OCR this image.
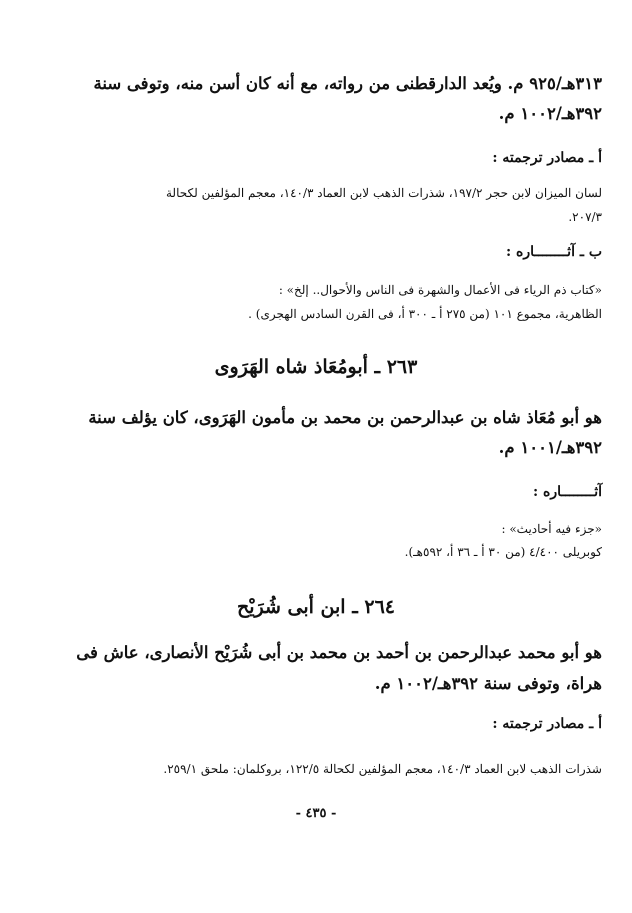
٣١٣هـ/٩٢٥ م. ويُعد الدارقطنى من رواته، مع أنه كان أسن منه، وتوفى سنة
٣٩٢هـ/١٠٠٢ م.
أ ـ مصادر ترجمته :
لسان الميزان لابن حجر ١٩٧/٢، شذرات الذهب لابن العماد ١٤٠/٣، معجم المؤلفين لكحالة
٢٠٧/٣.
ب ـ آثــــــــاره :
«كتاب ذم الرياء فى الأعمال والشهرة فى الناس والأحوال.. إلخ» :
الظاهرية، مجموع ١٠١ (من ٢٧٥ أ ـ ٣٠٠ أ، فى القرن السادس الهجرى) .
٢٦٣ ـ أبومُعَاذ شاه الهَرَوى
هو أبو مُعَاذ شاه بن عبدالرحمن بن محمد بن مأمون الهَرَوى، كان يؤلف سنة
٣٩٢هـ/١٠٠١ م.
آثــــــــاره :
«جزء فيه أحاديث» :
كوبريلى ٤/٤٠٠ (من ٣٠ أ ـ ٣٦ أ، ٥٩٢هـ).
٢٦٤ ـ ابن أبى شُرَيْح
هو أبو محمد عبدالرحمن بن أحمد بن محمد بن أبى شُرَيْح الأنصارى، عاش فى
هراة، وتوفى سنة ٣٩٢هـ/١٠٠٢ م.
أ ـ مصادر ترجمته :
شذرات الذهب لابن العماد ١٤٠/٣، معجم المؤلفين لكحالة ١٢٢/٥، بروكلمان: ملحق ٢٥٩/١.
- ٤٣٥ -
